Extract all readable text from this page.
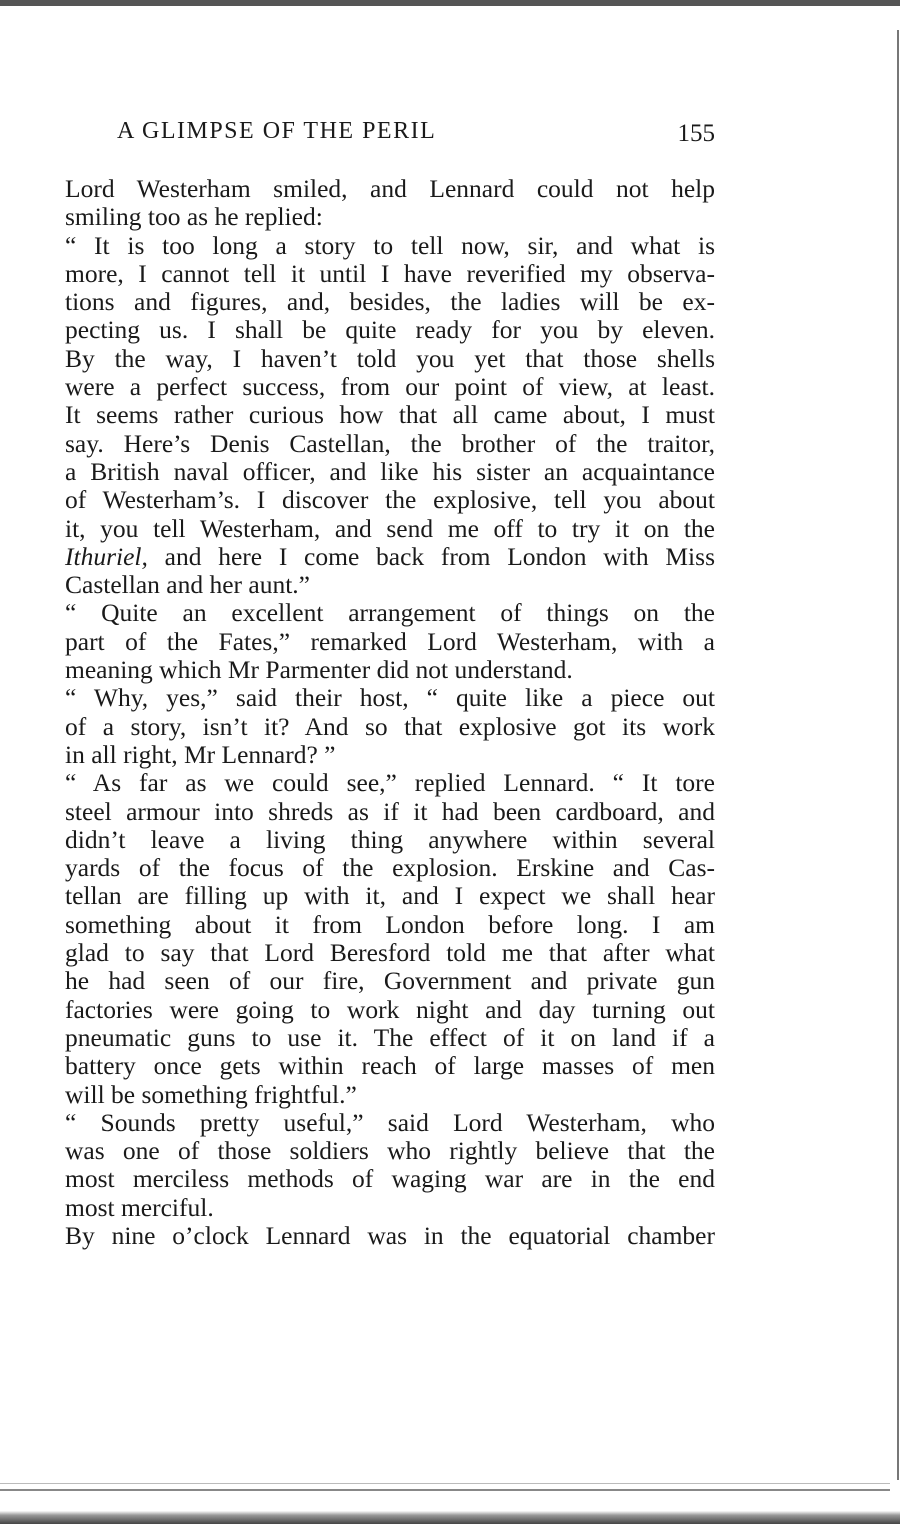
A GLIMPSE OF THE PERIL	155
Lord Westerham smiled, and Lennard could not help
smiling too as he replied:
“ It is too long a story to tell now, sir, and what is
more, I cannot tell it until I have reverified my observa-
tions and figures, and, besides, the ladies will be ex-
pecting us. I shall be quite ready for you by eleven.
By the way, I haven’t told you yet that those shells
were a perfect success, from our point of view, at least.
It seems rather curious how that all came about, I must
say. Here’s Denis Castellan, the brother of the traitor,
a British naval officer, and like his sister an acquaintance
of Westerham’s. I discover the explosive, tell you about
it, you tell Westerham, and send me off to try it on the
Ithuriel, and here I come back from London with Miss
Castellan and her aunt.”
“ Quite an excellent arrangement of things on the
part of the Fates,” remarked Lord Westerham, with a
meaning which Mr Parmenter did not understand.
“ Why, yes,” said their host, “ quite like a piece out
of a story, isn’t it? And so that explosive got its work
in all right, Mr Lennard? ”
“ As far as we could see,” replied Lennard. “ It tore
steel armour into shreds as if it had been cardboard, and
didn’t leave a living thing anywhere within several
yards of the focus of the explosion. Erskine and Cas-
tellan are filling up with it, and I expect we shall hear
something about it from London before long. I am
glad to say that Lord Beresford told me that after what
he had seen of our fire, Government and private gun
factories were going to work night and day turning out
pneumatic guns to use it. The effect of it on land if a
battery once gets within reach of large masses of men
will be something frightful.”
“ Sounds pretty useful,” said Lord Westerham, who
was one of those soldiers who rightly believe that the
most merciless methods of waging war are in the end
most merciful.
By nine o’clock Lennard was in the equatorial chamber
